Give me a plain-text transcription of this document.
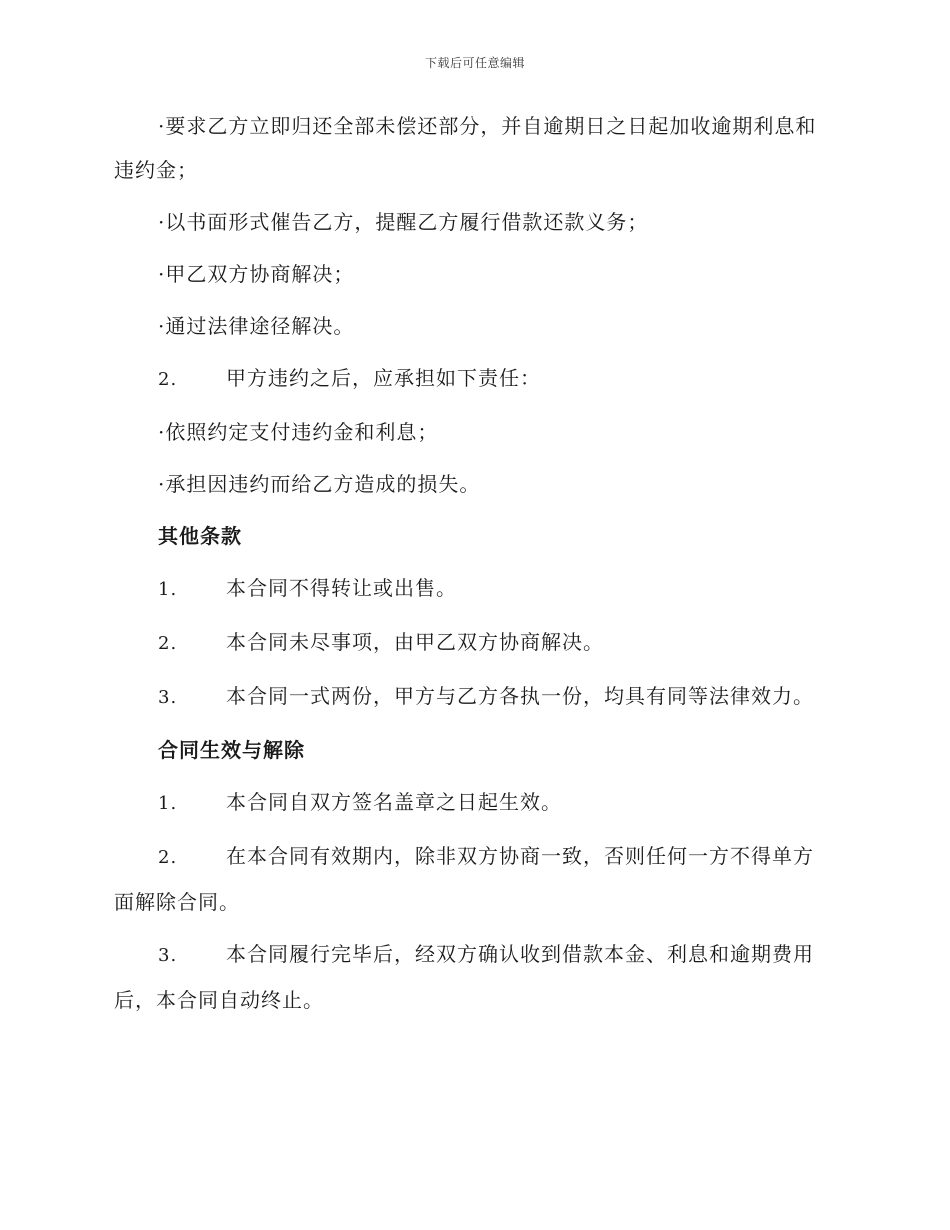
下载后可任意编辑

·要求乙方立即归还全部未偿还部分，并自逾期日之日起加收逾期利息和违约金；

·以书面形式催告乙方，提醒乙方履行借款还款义务；

·甲乙双方协商解决；

·通过法律途径解决。

2. 甲方违约之后，应承担如下责任：

·依照约定支付违约金和利息；

·承担因违约而给乙方造成的损失。

其他条款

1. 本合同不得转让或出售。

2. 本合同未尽事项，由甲乙双方协商解决。

3. 本合同一式两份，甲方与乙方各执一份，均具有同等法律效力。

合同生效与解除

1. 本合同自双方签名盖章之日起生效。

2. 在本合同有效期内，除非双方协商一致，否则任何一方不得单方面解除合同。

3. 本合同履行完毕后，经双方确认收到借款本金、利息和逾期费用后，本合同自动终止。
